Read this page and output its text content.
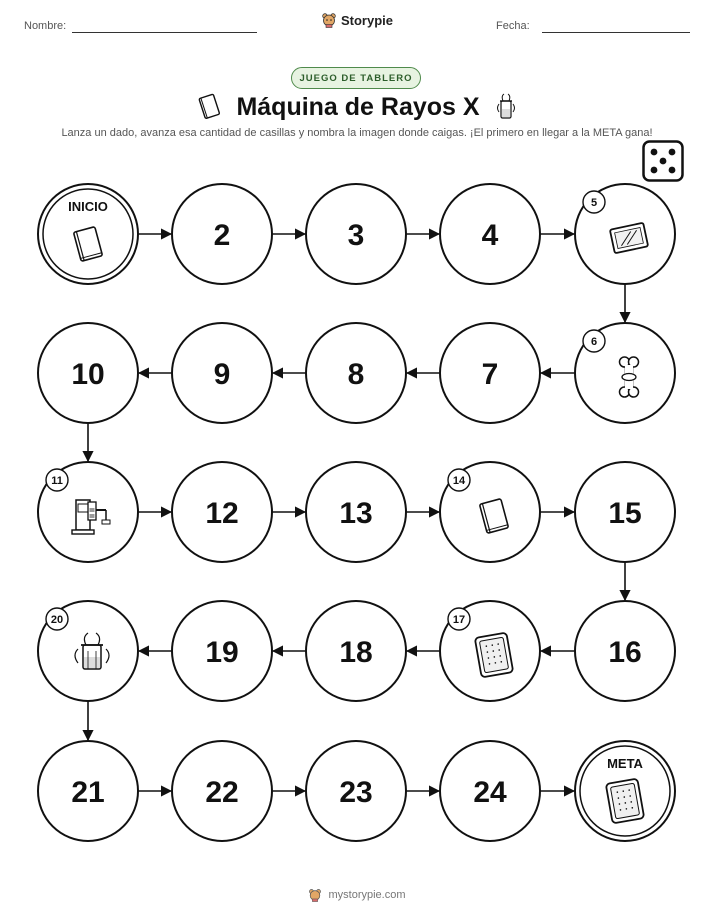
Nombre:	Storypie	Fecha:
JUEGO DE TABLERO
Máquina de Rayos X
Lanza un dado, avanza esa cantidad de casillas y nombra la imagen donde caigas. ¡El primero en llegar a la META gana!
INICIO
2	3	4
5
6
7
8
9
10
11
12	13
14
15
16
17
18
19
20
21	22	23	24
META
mystorypie.com
